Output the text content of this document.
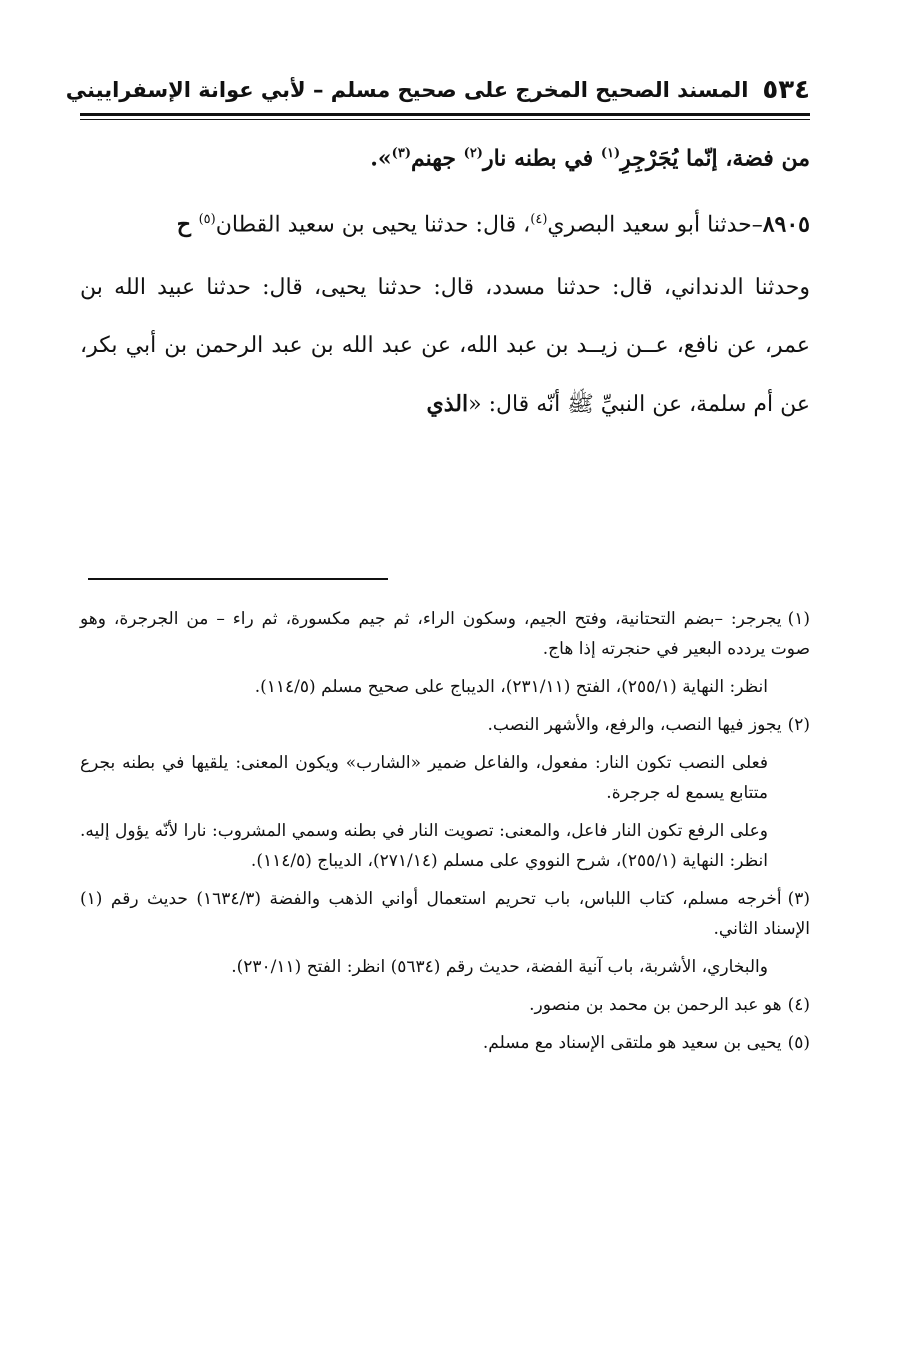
٥٣٤
المسند الصحيح المخرج على صحيح مسلم – لأبي عوانة الإسفراييني

من فضة، إنّما يُجَرْجِرِ$^{(١)}$ في بطنه نار$^{(٢)}$ جهنم$^{(٣)}$».

٨٩٠٥–حدثنا أبو سعيد البصري$^{(٤)}$، قال: حدثنا يحيى بن سعيد القطان$^{(٥)}$ ح

وحدثنا الدنداني، قال: حدثنا مسدد، قال: حدثنا يحيى، قال: حدثنا عبيد الله بن عمر، عن نافع، عــن زيــد بن عبد الله، عن عبد الله بن عبد الرحمن بن أبي بكر، عن أم سلمة، عن النبيِّ ﷺ أنّه قال: «الذي

(١)يجرجر: –بضم التحتانية، وفتح الجيم، وسكون الراء، ثم جيم مكسورة، ثم راء – من الجرجرة، وهو صوت يردده البعير في حنجرته إذا هاج.

انظر: النهاية (٢٥٥/١)، الفتح (٢٣١/١١)، الديباج على صحيح مسلم (١١٤/٥).

(٢)يجوز فيها النصب، والرفع، والأشهر النصب.

فعلى النصب تكون النار: مفعول، والفاعل ضمير «الشارب» ويكون المعنى: يلقيها في بطنه بجرع متتابع يسمع له جرجرة.

وعلى الرفع تكون النار فاعل، والمعنى: تصويت النار في بطنه وسمي المشروب: نارا لأنّه يؤول إليه. انظر: النهاية (٢٥٥/١)، شرح النووي على مسلم (٢٧١/١٤)، الديباج (١١٤/٥).

(٣)أخرجه مسلم، كتاب اللباس، باب تحريم استعمال أواني الذهب والفضة (١٦٣٤/٣) حديث رقم (١) الإسناد الثاني.

والبخاري، الأشربة، باب آنية الفضة، حديث رقم (٥٦٣٤) انظر: الفتح (٢٣٠/١١).

(٤)هو عبد الرحمن بن محمد بن منصور.

(٥)يحيى بن سعيد هو ملتقى الإسناد مع مسلم.
